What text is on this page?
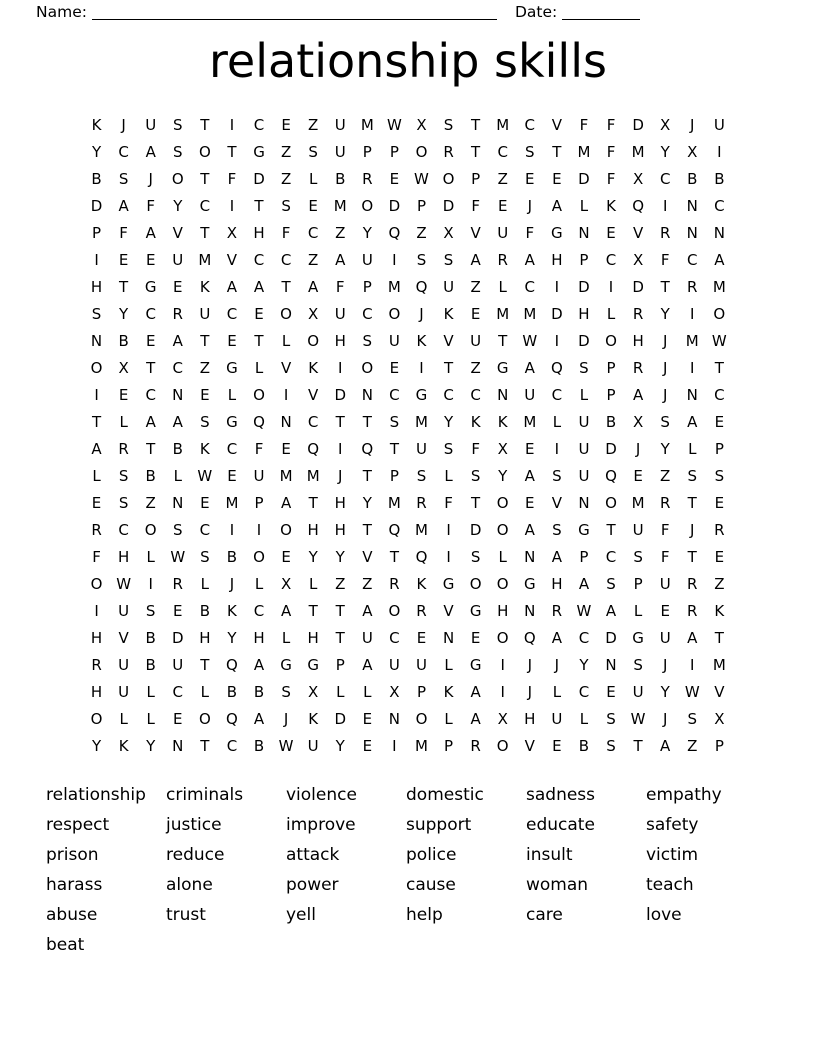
Name:	Date:
relationship skills
K	J	U	S	T	I	C	E	Z	U	M W X	S	T	M	C	V	F	F	D	X	J	U
Y	C	A	S	O	T	G	Z	S	U	P	P	O	R	T	C	S	T	M	F	M	Y	X	I
B	S	J	O	T	F	D	Z	L	B	R	E W O	P	Z	E	E	D	F	X	C	B	B
D	A	F	Y	C	I	T	S	E	M O	D	P	D	F	E	J	A	L	K	Q	I	N	C
P	F	A	V	T	X	H	F	C	Z	Y	Q	Z	X	V	U	F	G	N	E	V	R	N	N
I	E	E	U	M	V	C	C	Z	A	U	I	S	S	A	R	A	H	P	C	X	F	C	A
H	T	G	E	K	A	A	T	A	F	P	M Q	U	Z	L	C	I	D	I	D	T	R	M
S	Y	C	R	U	C	E	O	X	U	C	O	J	K	E	M M D	H	L	R	Y	I	O
N	B	E	A	T	E	T	L	O	H	S	U	K	V	U	T	W	I	D	O	H	J	M W
O	X	T	C	Z	G	L	V	K	I	O	E	I	T	Z	G	A	Q	S	P	R	J	I	T
I	E	C	N	E	L	O	I	V	D	N	C	G	C	C	N	U	C	L	P	A	J	N	C
T	L	A	A	S	G	Q	N	C	T	T	S	M	Y	K	K	M	L	U	B	X	S	A	E
A	R	T	B	K	C	F	E	Q	I	Q	T	U	S	F	X	E	I	U	D	J	Y	L	P
L	S	B	L	W E	U	M M	J	T	P	S	L	S	Y	A	S	U	Q	E	Z	S	S
E	S	Z	N	E	M	P	A	T	H	Y	M	R	F	T	O	E	V	N	O M	R	T	E
R	C	O	S	C	I	I	O	H	H	T	Q M	I	D	O	A	S	G	T	U	F	J	R
F	H	L	W S	B	O	E	Y	Y	V	T	Q	I	S	L	N	A	P	C	S	F	T	E
O W	I	R	L	J	L	X	L	Z	Z	R	K	G	O	O	G	H	A	S	P	U	R	Z
I	U	S	E	B	K	C	A	T	T	A	O	R	V	G	H	N	R W A	L	E	R	K
H	V	B	D	H	Y	H	L	H	T	U	C	E	N	E	O	Q	A	C	D	G	U	A	T
R	U	B	U	T	Q	A	G	G	P	A	U	U	L	G	I	J	J	Y	N	S	J	I	M
H	U	L	C	L	B	B	S	X	L	L	X	P	K	A	I	J	L	C	E	U	Y	W V
O	L	L	E	O	Q	A	J	K	D	E	N	O	L	A	X	H	U	L	S W	J	S	X
Y	K	Y	N	T	C	B W U	Y	E	I	M	P	R	O	V	E	B	S	T	A	Z	P
relationship
respect
prison
harass
abuse
beat
criminals
justice
reduce
alone
trust
violence
improve
attack
power
yell
domestic
support
police
cause
help
sadness
educate
insult
woman
care
empathy
safety
victim
teach
love
